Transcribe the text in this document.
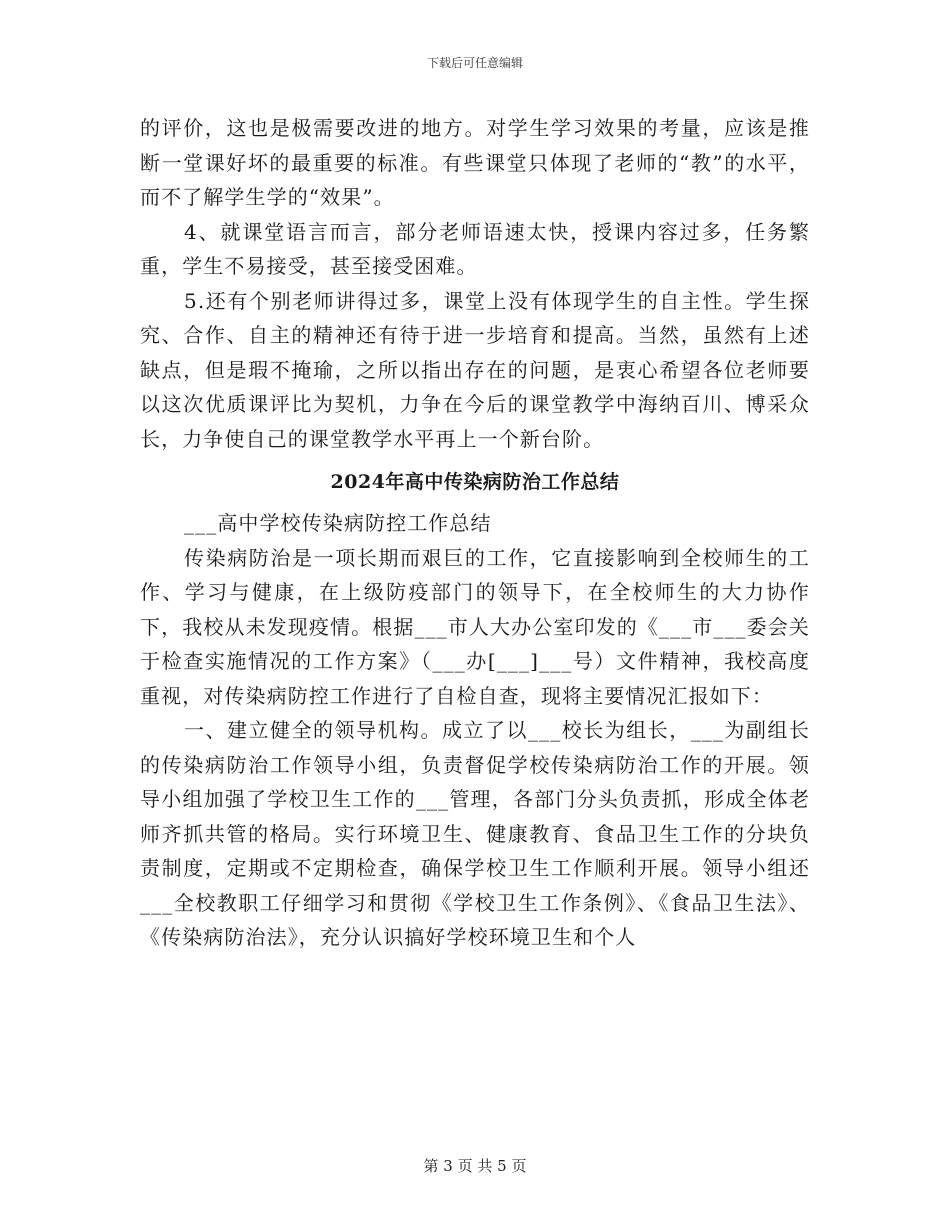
下载后可任意编辑

的评价，这也是极需要改进的地方。对学生学习效果的考量，应该是推断一堂课好坏的最重要的标准。有些课堂只体现了老师的“教”的水平，而不了解学生学的“效果”。

4、就课堂语言而言，部分老师语速太快，授课内容过多，任务繁重，学生不易接受，甚至接受困难。

5.还有个别老师讲得过多，课堂上没有体现学生的自主性。学生探究、合作、自主的精神还有待于进一步培育和提高。当然，虽然有上述缺点，但是瑕不掩瑜，之所以指出存在的问题，是衷心希望各位老师要以这次优质课评比为契机，力争在今后的课堂教学中海纳百川、博采众长，力争使自己的课堂教学水平再上一个新台阶。

2024年高中传染病防治工作总结

___高中学校传染病防控工作总结

传染病防治是一项长期而艰巨的工作，它直接影响到全校师生的工作、学习与健康，在上级防疫部门的领导下，在全校师生的大力协作下，我校从未发现疫情。根据___市人大办公室印发的《___市___委会关于检查实施情况的工作方案》（___办[___]___号）文件精神，我校高度重视，对传染病防控工作进行了自检自查，现将主要情况汇报如下：

一、建立健全的领导机构。成立了以___校长为组长，___为副组长的传染病防治工作领导小组，负责督促学校传染病防治工作的开展。领导小组加强了学校卫生工作的___管理，各部门分头负责抓，形成全体老师齐抓共管的格局。实行环境卫生、健康教育、食品卫生工作的分块负责制度，定期或不定期检查，确保学校卫生工作顺利开展。领导小组还___全校教职工仔细学习和贯彻《学校卫生工作条例》、《食品卫生法》、《传染病防治法》，充分认识搞好学校环境卫生和个人

第 3 页 共 5 页
